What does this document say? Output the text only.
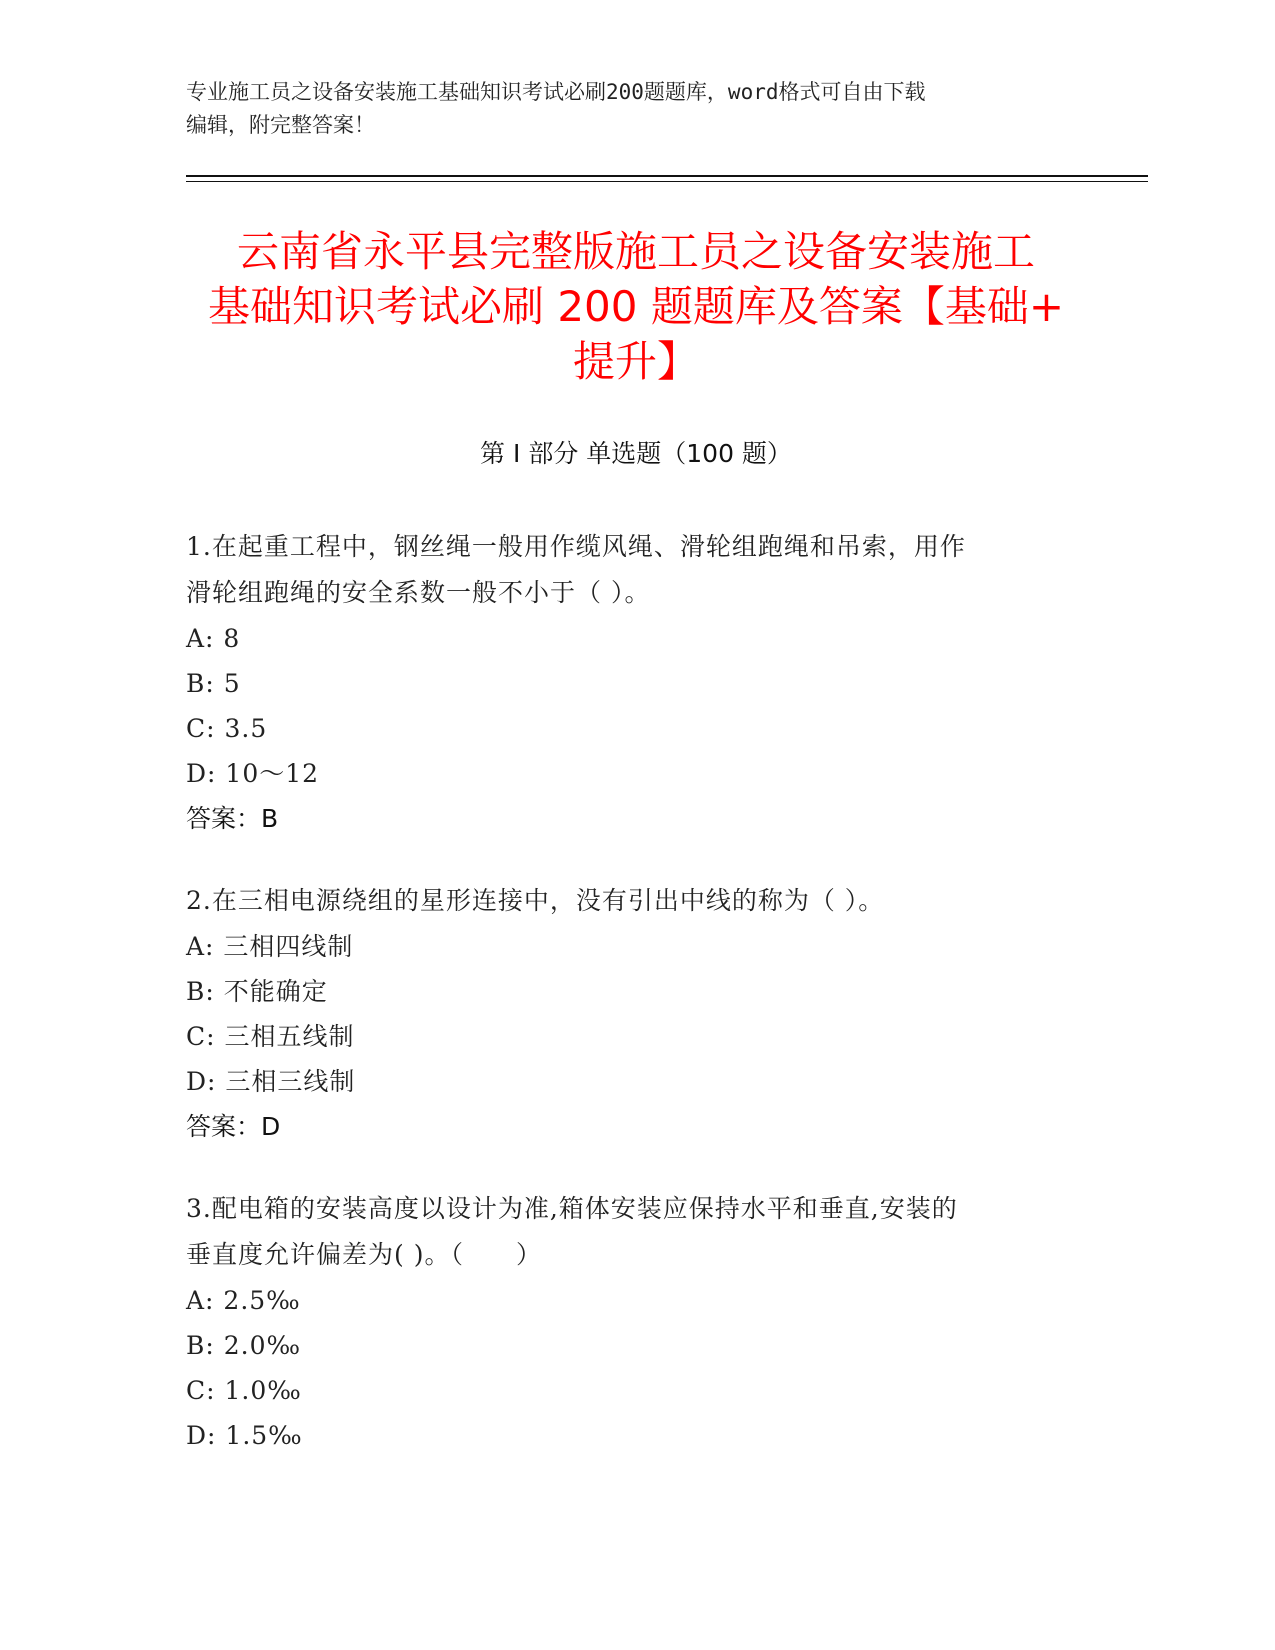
专业施工员之设备安装施工基础知识考试必刷200题题库，word格式可自由下载
编辑，附完整答案！
云南省永平县完整版施工员之设备安装施工
基础知识考试必刷 200 题题库及答案【基础+
提升】
第 I 部分 单选题（100 题）

1.在起重工程中，钢丝绳一般用作缆风绳、滑轮组跑绳和吊索，用作

滑轮组跑绳的安全系数一般不小于（ ）。

A: 8

B: 5

C: 3.5

D: 10～12

答案：B

2.在三相电源绕组的星形连接中，没有引出中线的称为（ ）。

A: 三相四线制

B: 不能确定

C: 三相五线制

D: 三相三线制

答案：D

3.配电箱的安装高度以设计为准,箱体安装应保持水平和垂直,安装的

垂直度允许偏差为( )。（　　）

A: 2.5‰

B: 2.0‰

C: 1.0‰

D: 1.5‰
